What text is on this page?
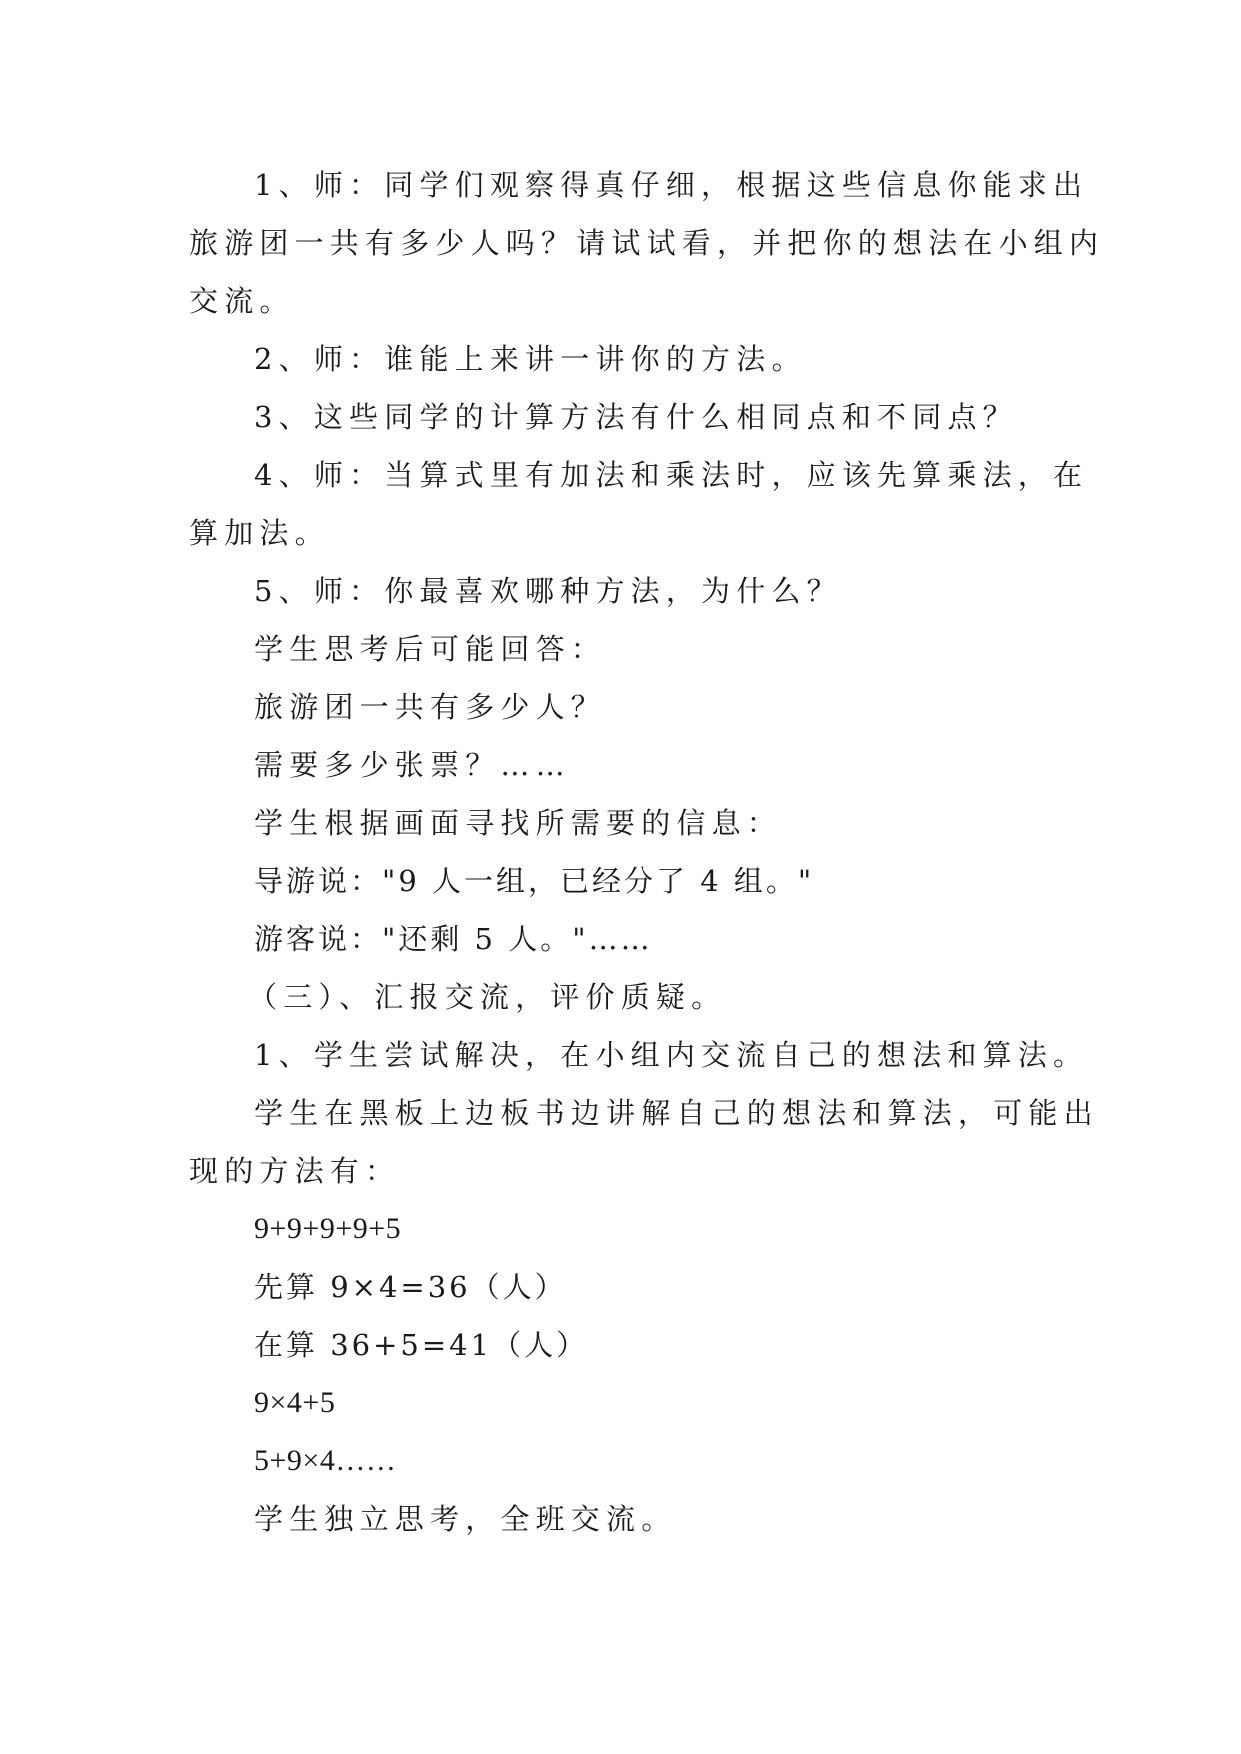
1、师：同学们观察得真仔细，根据这些信息你能求出

旅游团一共有多少人吗？请试试看，并把你的想法在小组内

交流。

2、师：谁能上来讲一讲你的方法。

3、这些同学的计算方法有什么相同点和不同点？

4、师：当算式里有加法和乘法时，应该先算乘法，在

算加法。

5、师：你最喜欢哪种方法，为什么？

学生思考后可能回答：

旅游团一共有多少人？

需要多少张票？……

学生根据画面寻找所需要的信息：

导游说："9 人一组，已经分了 4 组。"

游客说："还剩 5 人。"……

（三）、汇报交流，评价质疑。

1、学生尝试解决，在小组内交流自己的想法和算法。

学生在黑板上边板书边讲解自己的想法和算法，可能出

现的方法有：

9+9+9+9+5

先算 9×4=36（人）

在算 36+5=41（人）

9×4+5

5+9×4……

学生独立思考，全班交流。
